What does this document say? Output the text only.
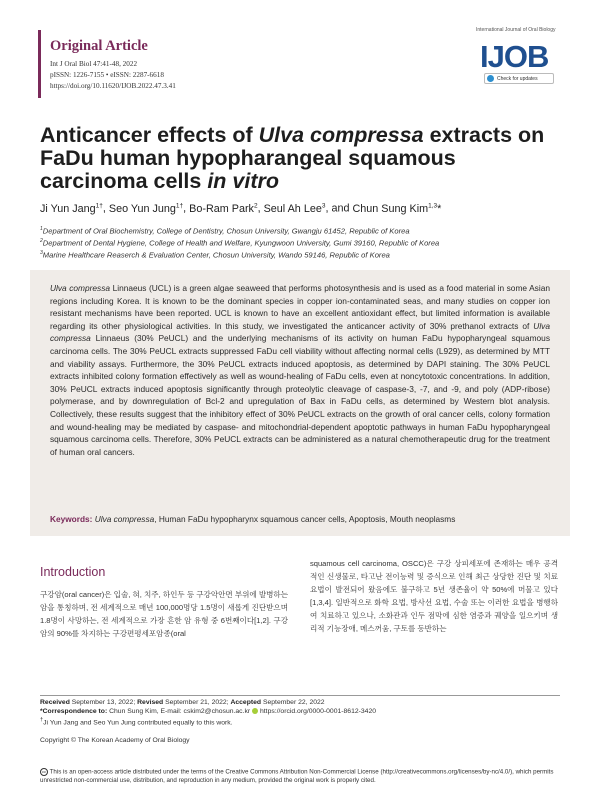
Original Article
Int J Oral Biol 47:41-48, 2022
pISSN: 1226-7155 • eISSN: 2287-6618
https://doi.org/10.11620/IJOB.2022.47.3.41
International Journal of Oral Biology
IJOB
Check for updates
Anticancer effects of Ulva compressa extracts on FaDu human hypopharangeal squamous carcinoma cells in vitro
Ji Yun Jang$^{1\dagger}$, Seo Yun Jung$^{1\dagger}$, Bo-Ram Park$^2$, Seul Ah Lee$^3$, and Chun Sung Kim$^{1,3}$*
$^1$Department of Oral Biochemistry, College of Dentistry, Chosun University, Gwangju 61452, Republic of Korea
$^2$Department of Dental Hygiene, College of Health and Welfare, Kyungwoon University, Gumi 39160, Republic of Korea
$^3$Marine Healthcare Reaserch & Evaluation Center, Chosun University, Wando 59146, Republic of Korea
Ulva compressa Linnaeus (UCL) is a green algae seaweed that performs photosynthesis and is used as a food material in some Asian regions including Korea. It is known to be the dominant species in copper ion-contaminated seas, and many studies on copper ion resistant mechanisms have been reported. UCL is known to have an excellent antioxidant effect, but limited information is available regarding its other physiological activities. In this study, we investigated the anticancer activity of 30% prethanol extracts of Ulva compressa Linnaeus (30% PeUCL) and the underlying mechanisms of its activity on human FaDu hypopharyngeal squamous carcinoma cells. The 30% PeUCL extracts suppressed FaDu cell viability without affecting normal cells (L929), as determined by MTT and viability assays. Furthermore, the 30% PeUCL extracts induced apoptosis, as determined by DAPI staining. The 30% PeUCL extracts inhibited colony formation effectively as well as wound-healing of FaDu cells, even at noncytotoxic concentrations. In addition, 30% PeUCL extracts induced apoptosis significantly through proteolytic cleavage of caspase-3, -7, and -9, and poly (ADP-ribose) polymerase, and by downregulation of Bcl-2 and upregulation of Bax in FaDu cells, as determined by Western blot analysis. Collectively, these results suggest that the inhibitory effect of 30% PeUCL extracts on the growth of oral cancer cells, colony formation and wound-healing may be mediated by caspase- and mitochondrial-dependent apoptotic pathways in human FaDu hypopharyngeal squamous carcinoma cells. Therefore, 30% PeUCL extracts can be administered as a natural chemotherapeutic drug for the treatment of human oral cancers.
Keywords: Ulva compressa, Human FaDu hypopharynx squamous cancer cells, Apoptosis, Mouth neoplasms
Introduction
구강암(oral cancer)은 입술, 혀, 치주, 하인두 등 구강악안면 부위에 발병하는 암을 통칭하며, 전 세계적으로 매년 100,000명당 1.5명이 새롭게 진단받으며 1.8명이 사망하는, 전 세계적으로 가장 흔한 암 유형 중 6번째이다[1,2]. 구강암의 90%를 차지하는 구강편평세포암종(oral
squamous cell carcinoma, OSCC)은 구강 상피세포에 존재하는 매우 공격적인 신생물로, 타고난 전이능력 및 증식으로 인해 최근 상당한 진단 및 치료요법이 발전되어 왔음에도 불구하고 5년 생존율이 약 50%에 머물고 있다[1,3,4]. 일반적으로 화학 요법, 방사선 요법, 수술 또는 이러한 요법을 병행하여 치료하고 있으나, 소화관과 인두 점막에 심한 염증과 궤양을 일으키며 생리적 기능장애, 메스꺼움, 구토를 동반하는
Received September 13, 2022; Revised September 21, 2022; Accepted September 22, 2022
*Correspondence to: Chun Sung Kim, E-mail: cskim2@chosun.ac.kr https://orcid.org/0000-0001-8612-3420
†Ji Yun Jang and Seo Yun Jung contributed equally to this work.
Copyright © The Korean Academy of Oral Biology
cc This is an open-access article distributed under the terms of the Creative Commons Attribution Non-Commercial License (http://creativecommons.org/licenses/by-nc/4.0/), which permits unrestricted non-commercial use, distribution, and reproduction in any medium, provided the original work is properly cited.
